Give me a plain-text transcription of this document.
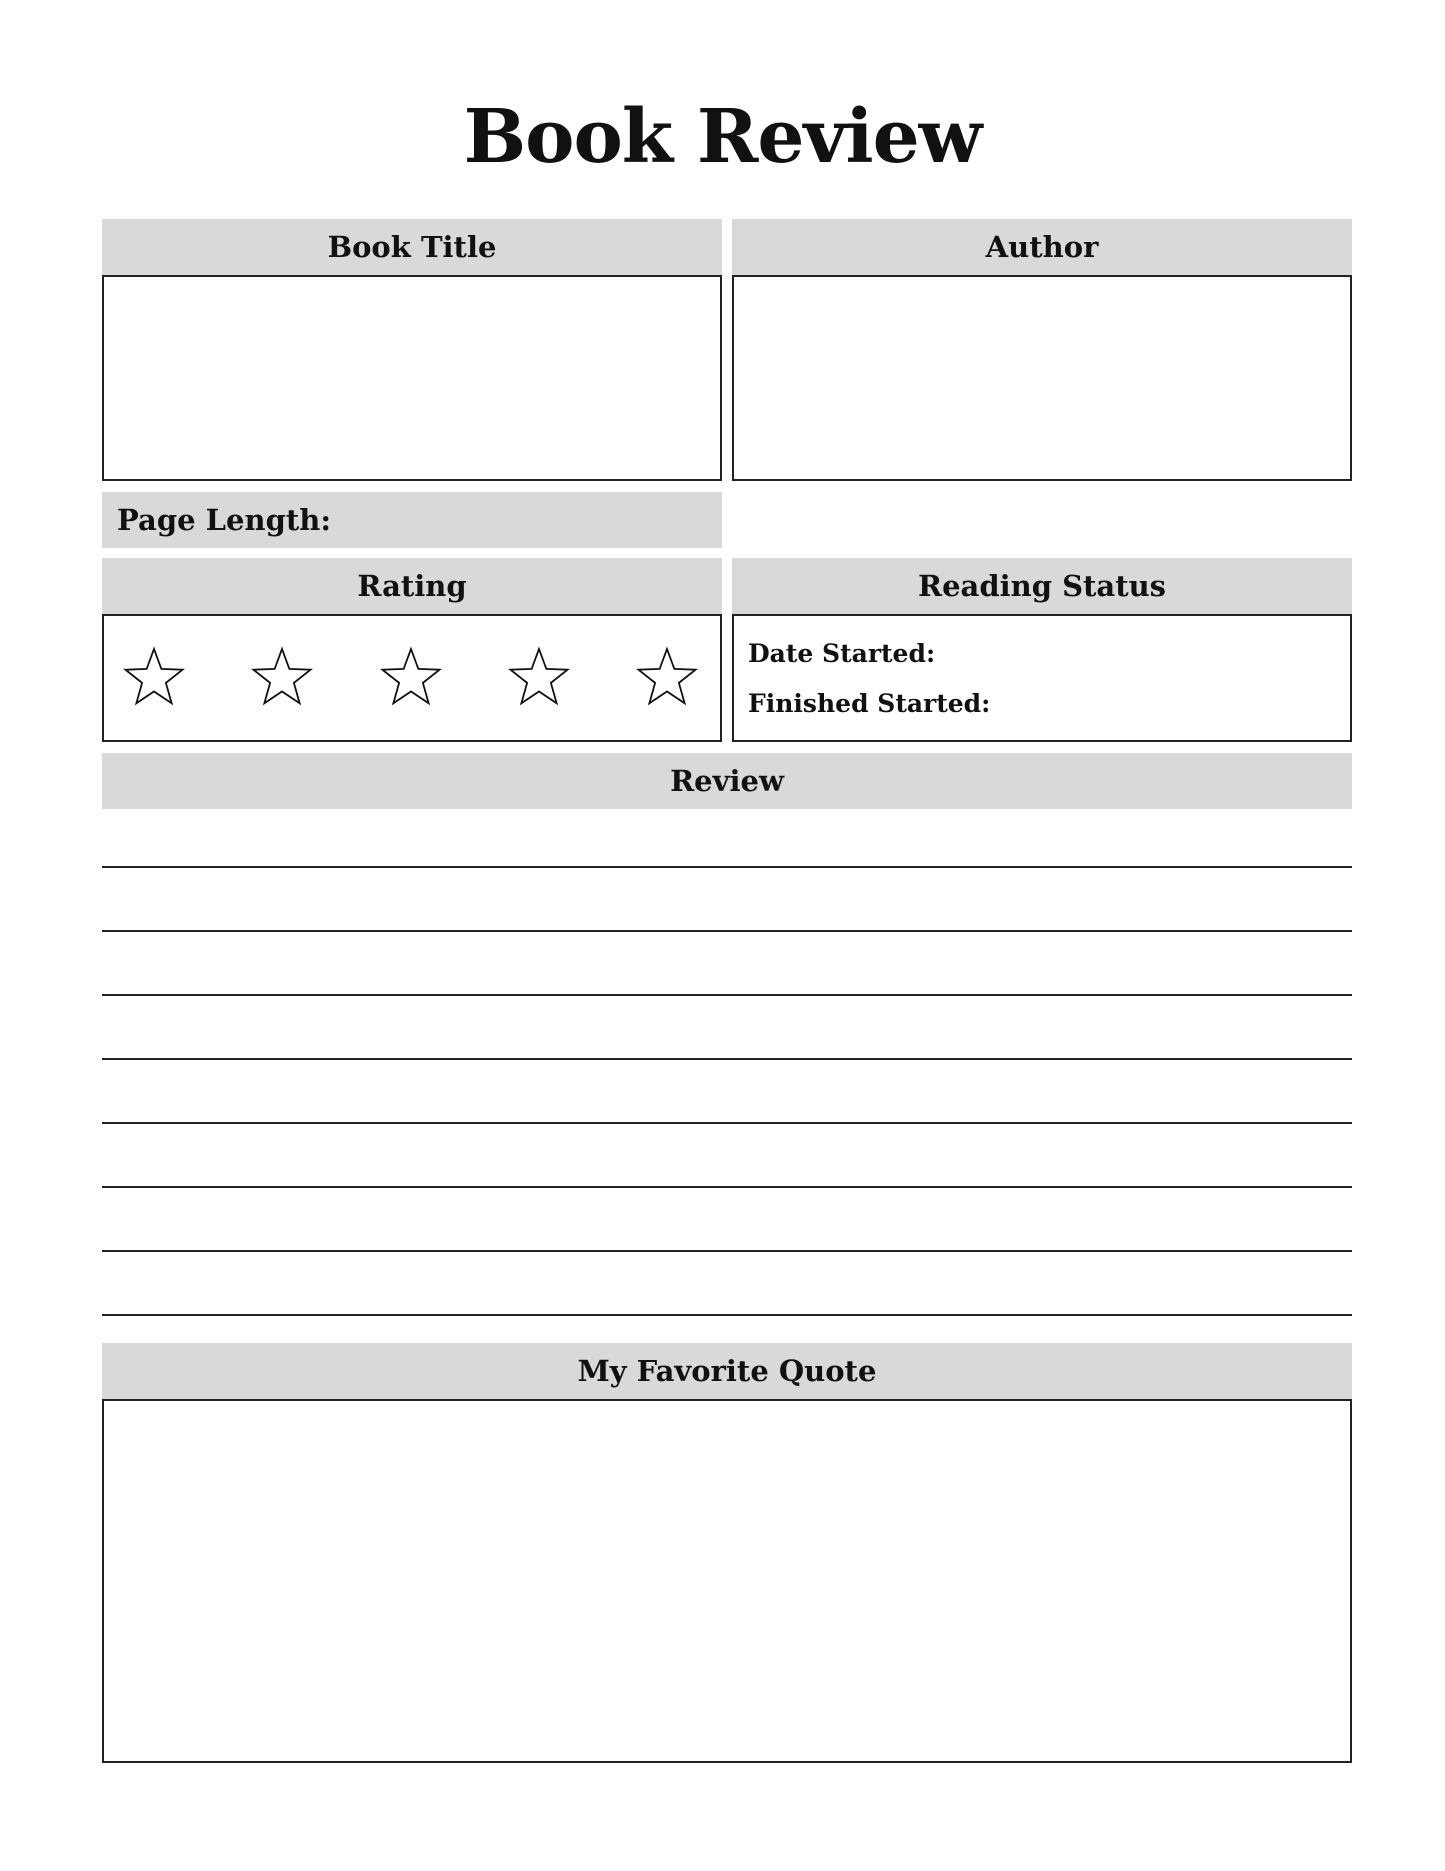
Book Review
Book Title	Author
Page Length:
Rating	Reading Status
Date Started:
Finished Started:
Review
My Favorite Quote
